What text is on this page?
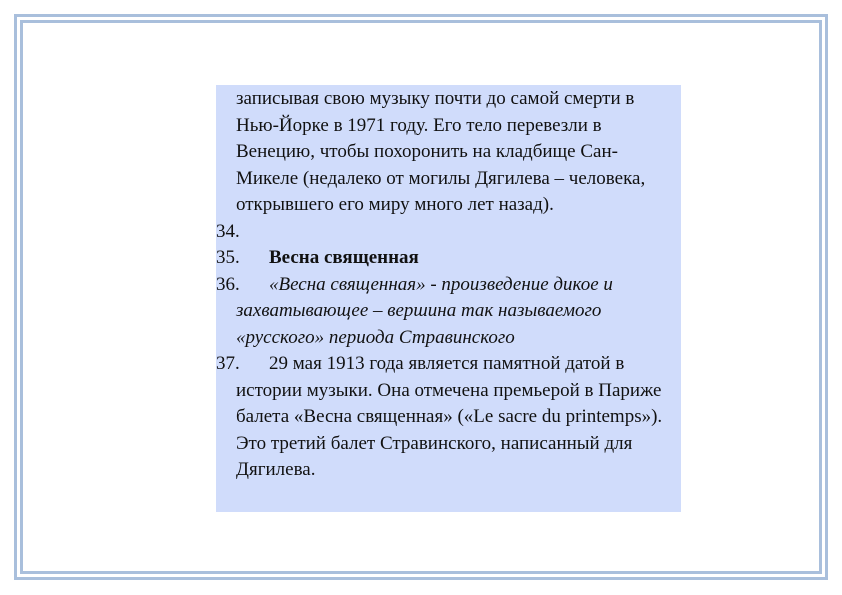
записывая свою музыку почти до самой смерти в Нью-Йорке в 1971 году. Его тело перевезли в Венецию, чтобы похоронить на кладбище Сан-Микеле (недалеко от могилы Дягилева – человека, открывшего его миру много лет назад).

34.

35. Весна священная

36. «Весна священная» - произведение дикое и захватывающее – вершина так называемого «русского» периода Стравинского

37. 29 мая 1913 года является памятной датой в истории музыки. Она отмечена премьерой в Париже балета «Весна священная» («Le sacre du printemps»). Это третий балет Стравинского, написанный для Дягилева.
